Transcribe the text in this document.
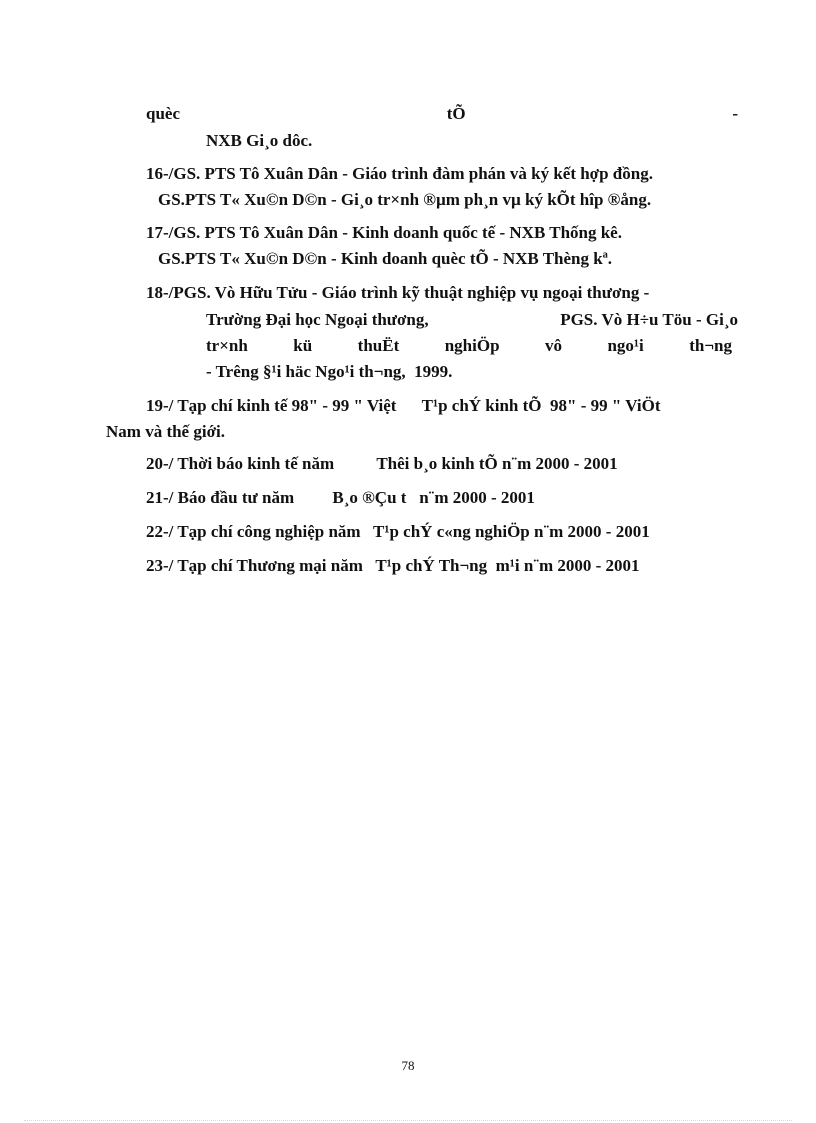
quèc	tÕ	-
NXB Gi¸o dôc.
16-/GS. PTS Tô Xuân Dân - Giáo trình đàm phán và ký kết hợp đồng.
GS.PTS T« Xu©n D©n - Gi¸o tr×nh ®µm ph¸n vµ ký kÕt hîp ®ång.
17-/GS. PTS Tô Xuân Dân - Kinh doanh quốc tế - NXB Thống kê.
GS.PTS T« Xu©n D©n - Kinh doanh quèc tÕ - NXB Thèng kª.
18-/PGS. Vò Hữu Tửu - Giáo trình kỹ thuật nghiệp vụ ngoại thương -
Trường Đại học Ngoại thương,	PGS. Vò H÷u Töu - Gi¸o
tr×nh	kü	thuËt	nghiÖp	vô	ngo¹i	th¬ng
- Trêng §¹i häc Ngo¹i th¬ng,  1999.
19-/ Tạp chí kinh tế 98" - 99 " Việt      T¹p chÝ kinh tÕ  98" - 99 " ViÖt
Nam và thế giới.
20-/ Thời báo kinh tế năm          Thêi b¸o kinh tÕ n¨m 2000 - 2001
21-/ Báo đầu tư năm         B¸o ®Çu t   n¨m 2000 - 2001
22-/ Tạp chí công nghiệp năm   T¹p chÝ c«ng nghiÖp n¨m 2000 - 2001
23-/ Tạp chí Thương mại năm   T¹p chÝ Th¬ng  m¹i n¨m 2000 - 2001
78
